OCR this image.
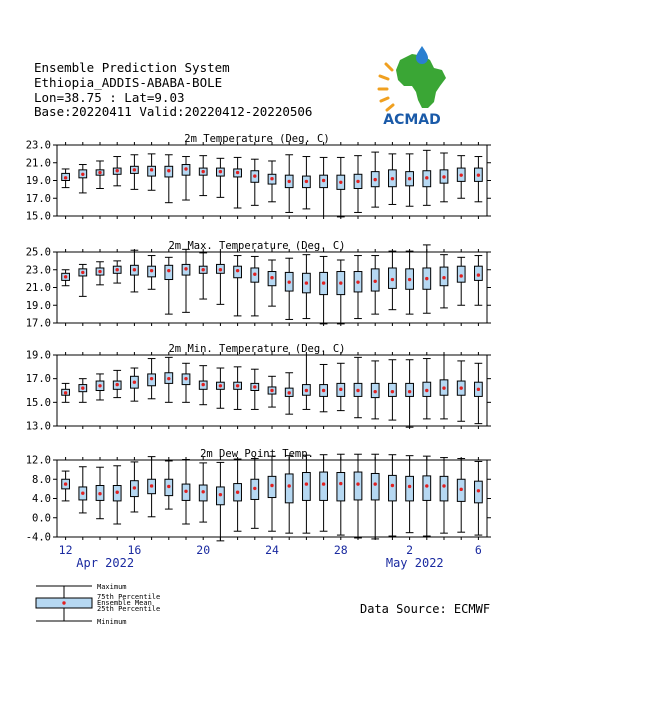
Ensemble Prediction System
Ethiopia_ADDIS-ABABA-BOLE
Lon=38.75 : Lat=9.03
Base:20220411 Valid:20220412-20220506
ACMAD
2m Temperature (Deg. C)
23.0
21.0
19.0
17.0
15.0
2m Max. Temperature (Deg. C)
25.0
23.0
21.0
19.0
17.0
2m Min. Temperature (Deg. C)
19.0
17.0
15.0
13.0
2m Dew Point Temp.
12.0
8.0
4.0
0.0
-4.0
12	16	20	24	28	2	6
Apr 2022	May 2022
Maximum
75th Percentile
Ensemble Mean
25th Percentile
Minimum
Data Source: ECMWF
